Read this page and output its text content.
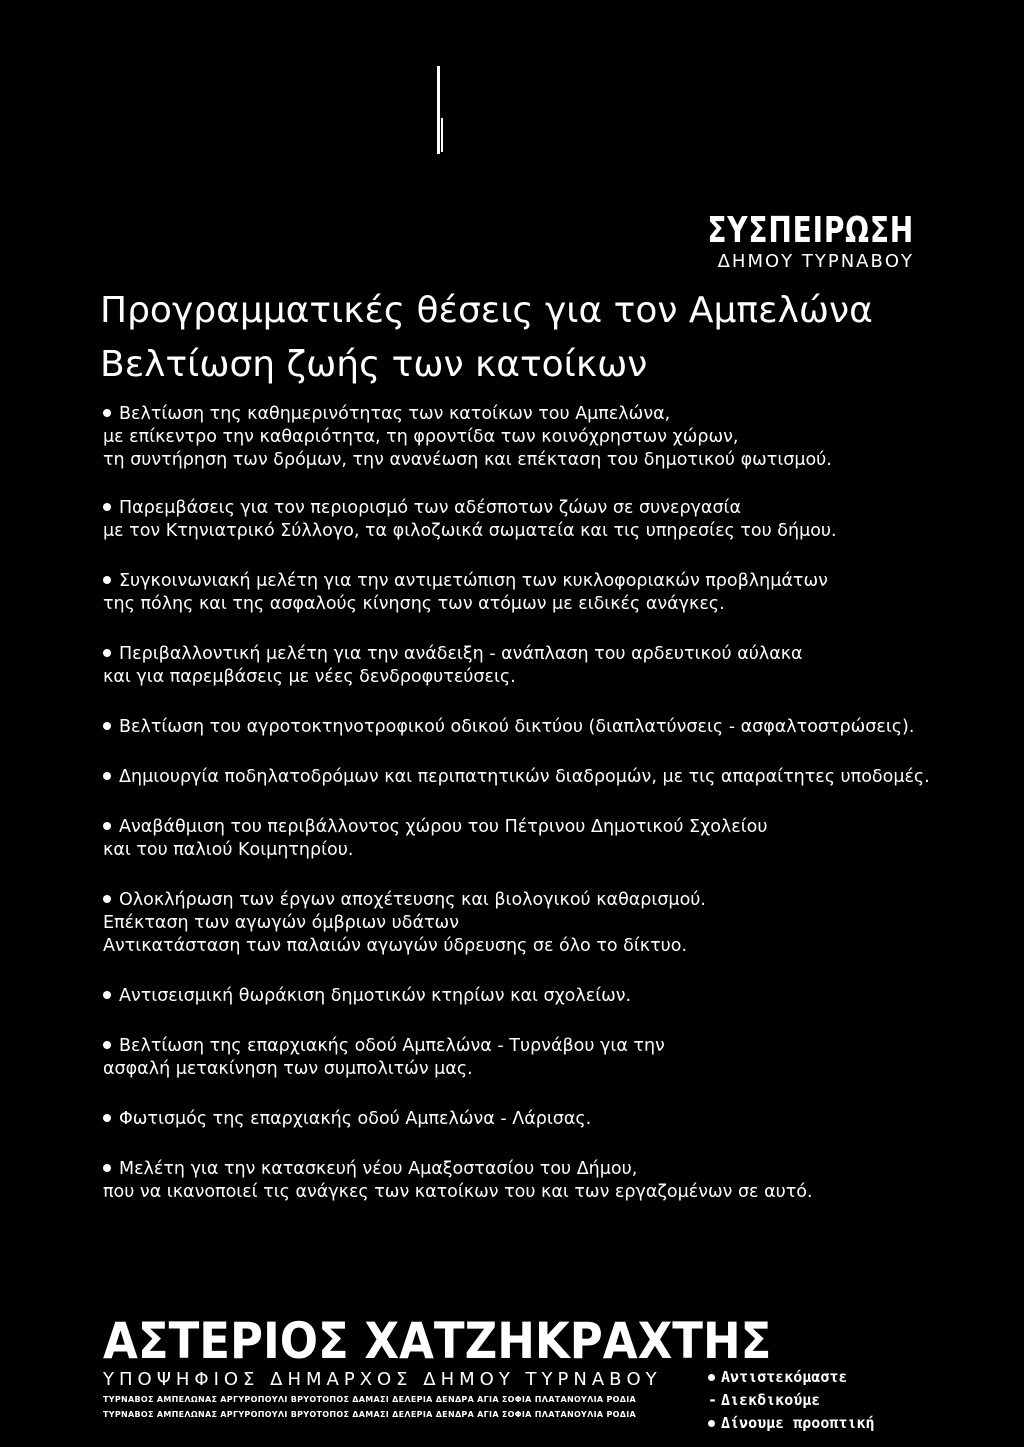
ΣΥΣΠΕΙΡΩΣΗ
ΔΗΜΟΥ ΤΥΡΝΑΒΟΥ
Προγραμματικές θέσεις για τον Αμπελώνα
Βελτίωση ζωής των κατοίκων
Βελτίωση της καθημερινότητας των κατοίκων του Αμπελώνα,
με επίκεντρο την καθαριότητα, τη φροντίδα των κοινόχρηστων χώρων,
τη συντήρηση των δρόμων, την ανανέωση και επέκταση του δημοτικού φωτισμού.
Παρεμβάσεις για τον περιορισμό των αδέσποτων ζώων σε συνεργασία
με τον Κτηνιατρικό Σύλλογο, τα φιλοζωικά σωματεία και τις υπηρεσίες του δήμου.
Συγκοινωνιακή μελέτη για την αντιμετώπιση των κυκλοφοριακών προβλημάτων
της πόλης και της ασφαλούς κίνησης των ατόμων με ειδικές ανάγκες.
Περιβαλλοντική μελέτη για την ανάδειξη - ανάπλαση του αρδευτικού αύλακα
και για παρεμβάσεις με νέες δενδροφυτεύσεις.
Βελτίωση του αγροτοκτηνοτροφικού οδικού δικτύου (διαπλατύνσεις - ασφαλτοστρώσεις).
Δημιουργία ποδηλατοδρόμων και περιπατητικών διαδρομών, με τις απαραίτητες υποδομές.
Αναβάθμιση του περιβάλλοντος χώρου του Πέτρινου Δημοτικού Σχολείου
και του παλιού Κοιμητηρίου.
Ολοκλήρωση των έργων αποχέτευσης και βιολογικού καθαρισμού.
Επέκταση των αγωγών όμβριων υδάτων
Αντικατάσταση των παλαιών αγωγών ύδρευσης σε όλο το δίκτυο.
Αντισεισμική θωράκιση δημοτικών κτηρίων και σχολείων.
Βελτίωση της επαρχιακής οδού Αμπελώνα - Τυρνάβου για την
ασφαλή μετακίνηση των συμπολιτών μας.
Φωτισμός της επαρχιακής οδού Αμπελώνα - Λάρισας.
Μελέτη για την κατασκευή νέου Αμαξοστασίου του Δήμου,
που να ικανοποιεί τις ανάγκες των κατοίκων του και των εργαζομένων σε αυτό.
ΑΣΤΕΡΙΟΣ ΧΑΤΖΗΚΡΑΧΤΗΣ
ΥΠΟΨΗΦΙΟΣ ΔΗΜΑΡΧΟΣ ΔΗΜΟΥ ΤΥΡΝΑΒΟΥ
ΤΥΡΝΑΒΟΣ ΑΜΠΕΛΩΝΑΣ ΑΡΓΥΡΟΠΟΥΛΙ ΒΡΥΟΤΟΠΟΣ ΔΑΜΑΣΙ ΔΕΛΕΡΙΑ ΔΕΝΔΡΑ ΑΓΙΑ ΣΟΦΙΑ ΠΛΑΤΑΝΟΥΛΙΑ ΡΟΔΙΑ
ΤΥΡΝΑΒΟΣ ΑΜΠΕΛΩΝΑΣ ΑΡΓΥΡΟΠΟΥΛΙ ΒΡΥΟΤΟΠΟΣ ΔΑΜΑΣΙ ΔΕΛΕΡΙΑ ΔΕΝΔΡΑ ΑΓΙΑ ΣΟΦΙΑ ΠΛΑΤΑΝΟΥΛΙΑ ΡΟΔΙΑ
Αντιστεκόμαστε
- Διεκδικούμε
Δίνουμε προοπτική
